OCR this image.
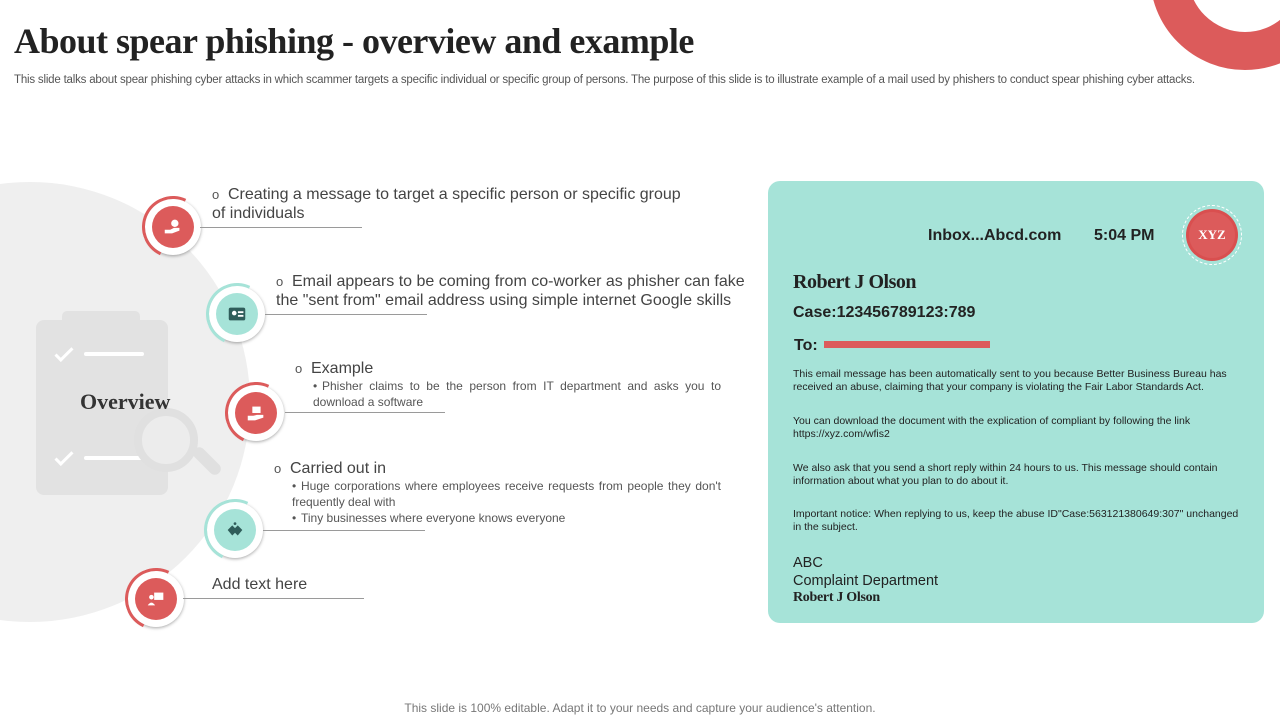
About spear phishing - overview and example

This slide talks about spear phishing cyber attacks in which scammer targets a specific individual or specific group of persons. The purpose of this slide is to illustrate example of a mail used by phishers to conduct spear phishing cyber attacks.

Overview
o Creating a message to target a specific person or specific group of individuals
o Email appears to be coming from co-worker as phisher can fake the "sent from" email address using simple internet Google skills
o Example
• Phisher claims to be the person from IT department and asks you to download a software
o Carried out in
• Huge corporations where employees receive requests from people they don't frequently deal with
• Tiny businesses where everyone knows everyone
Add text here
Inbox...Abcd.com 5:04 PM	XYZ
Robert J Olson
Case:123456789123:789
To:
This email message has been automatically sent to you because Better Business Bureau has received an abuse, claiming that your company is violating the Fair Labor Standards Act.
You can download the document with the explication of compliant by following the link https://xyz.com/wfis2
We also ask that you send a short reply within 24 hours to us. This message should contain information about what you plan to do about it.
Important notice: When replying to us, keep the abuse ID"Case:563121380649:307" unchanged in the subject.
ABC
Complaint Department
Robert J Olson
This slide is 100% editable. Adapt it to your needs and capture your audience's attention.
